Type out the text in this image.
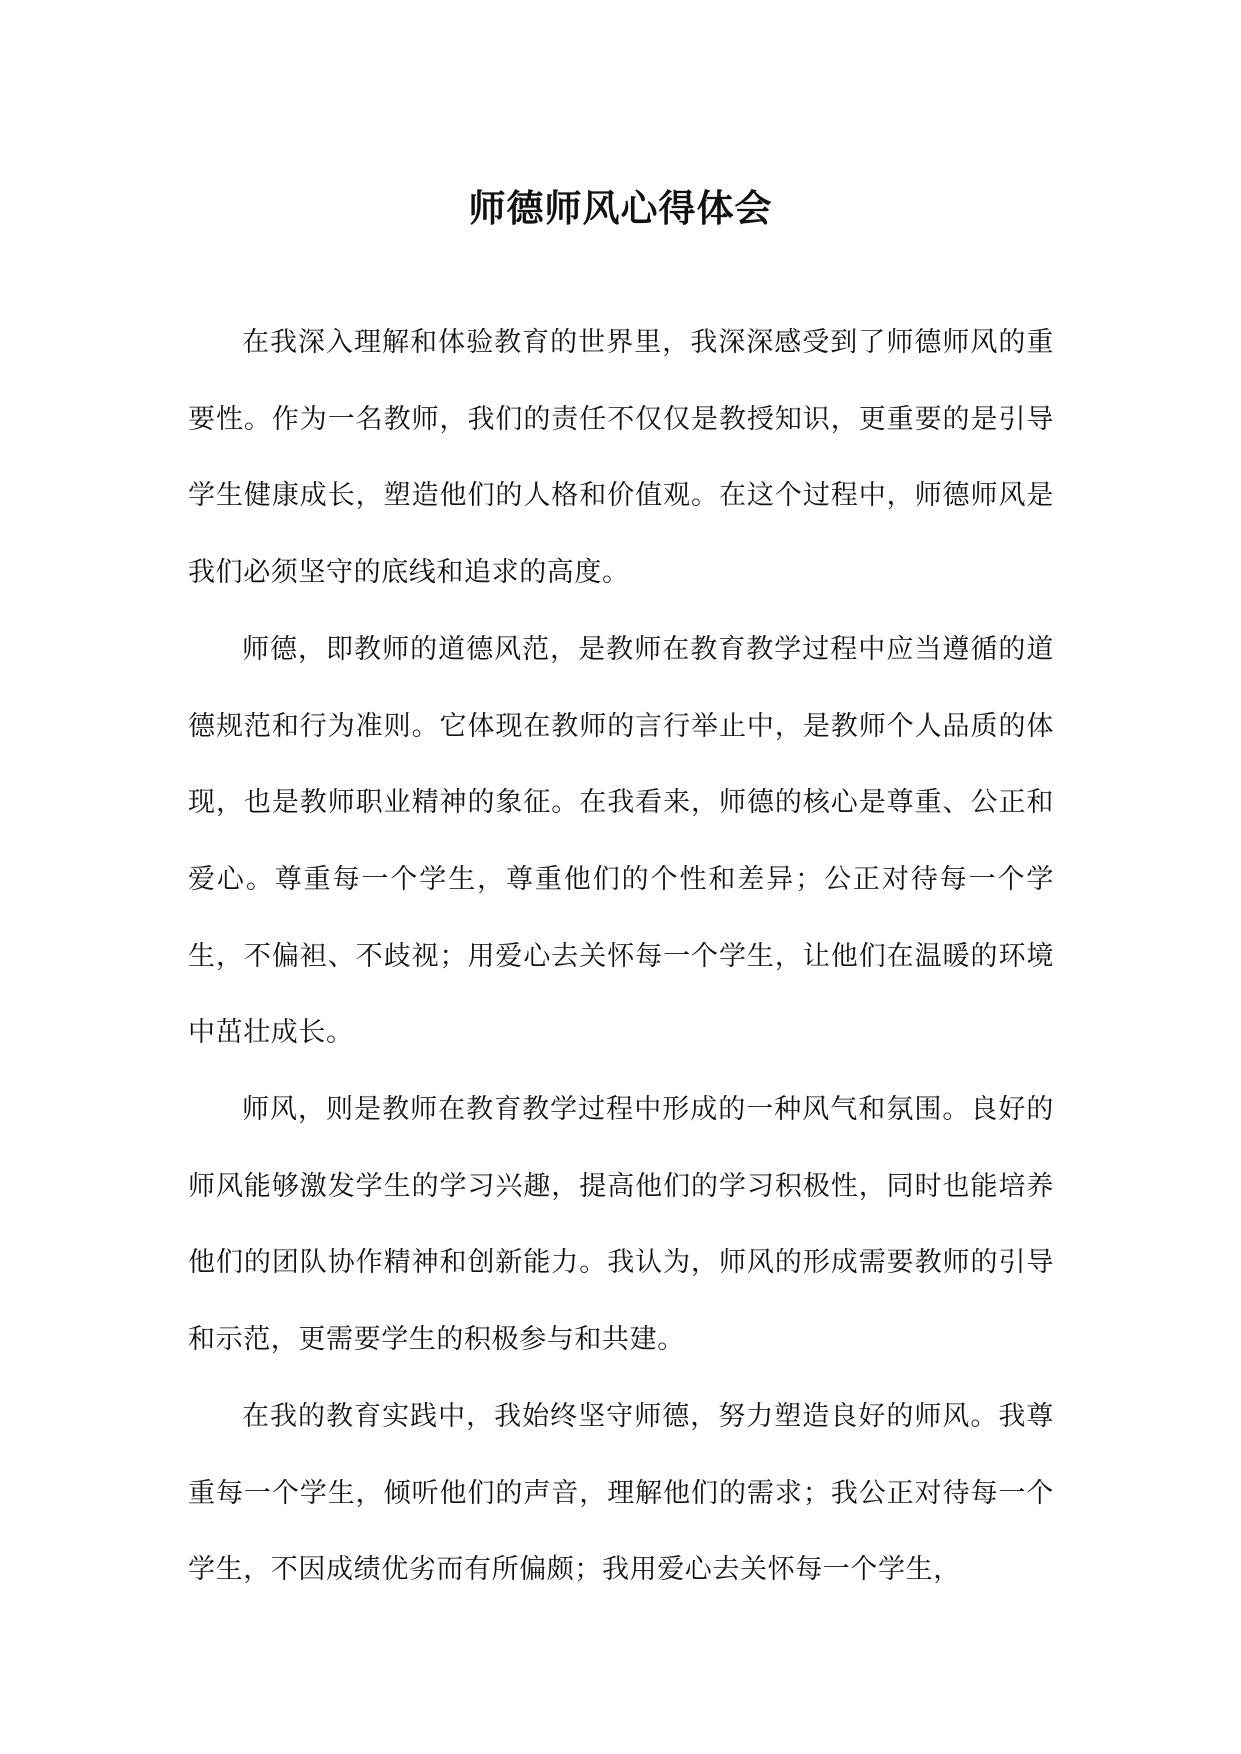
师德师风心得体会

在我深入理解和体验教育的世界里，我深深感受到了师德师风的重要性。作为一名教师，我们的责任不仅仅是教授知识，更重要的是引导学生健康成长，塑造他们的人格和价值观。在这个过程中，师德师风是我们必须坚守的底线和追求的高度。

师德，即教师的道德风范，是教师在教育教学过程中应当遵循的道德规范和行为准则。它体现在教师的言行举止中，是教师个人品质的体现，也是教师职业精神的象征。在我看来，师德的核心是尊重、公正和爱心。尊重每一个学生，尊重他们的个性和差异；公正对待每一个学生，不偏袒、不歧视；用爱心去关怀每一个学生，让他们在温暖的环境中茁壮成长。

师风，则是教师在教育教学过程中形成的一种风气和氛围。良好的师风能够激发学生的学习兴趣，提高他们的学习积极性，同时也能培养他们的团队协作精神和创新能力。我认为，师风的形成需要教师的引导和示范，更需要学生的积极参与和共建。

在我的教育实践中，我始终坚守师德，努力塑造良好的师风。我尊重每一个学生，倾听他们的声音，理解他们的需求；我公正对待每一个学生，不因成绩优劣而有所偏颇；我用爱心去关怀每一个学生，
